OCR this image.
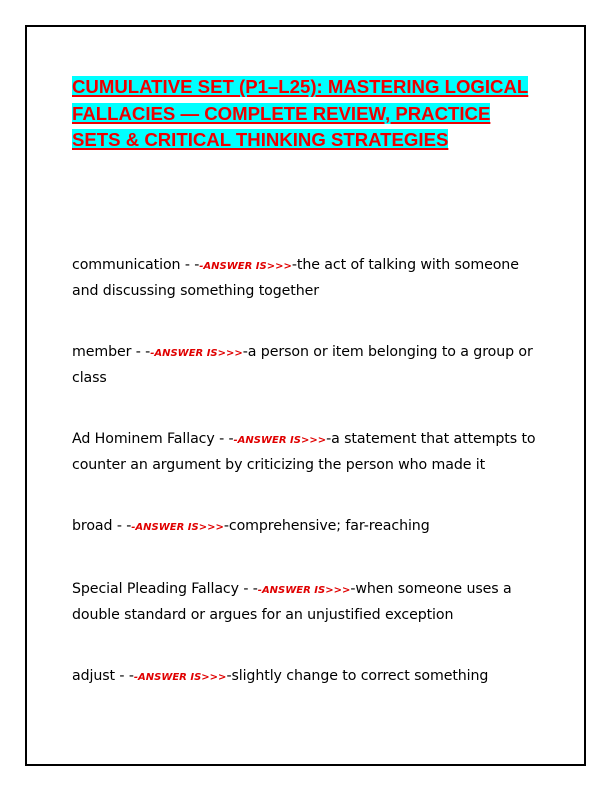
CUMULATIVE SET (P1–L25): MASTERING LOGICAL FALLACIES — COMPLETE REVIEW, PRACTICE SETS & CRITICAL THINKING STRATEGIES

communication - --ANSWER IS>>>-the act of talking with someone and discussing something together

member - --ANSWER IS>>>-a person or item belonging to a group or class

Ad Hominem Fallacy - --ANSWER IS>>>-a statement that attempts to counter an argument by criticizing the person who made it

broad - --ANSWER IS>>>-comprehensive; far-reaching

Special Pleading Fallacy - --ANSWER IS>>>-when someone uses a double standard or argues for an unjustified exception

adjust - --ANSWER IS>>>-slightly change to correct something
